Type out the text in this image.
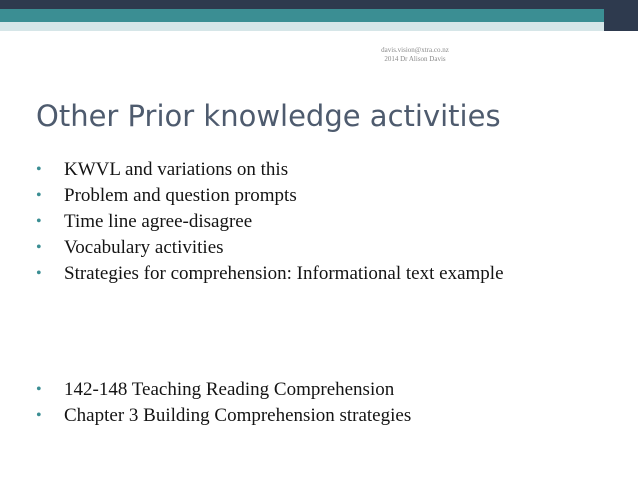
davis.vision@xtra.co.nz
2014 Dr Alison Davis
Other Prior knowledge activities
•	KWVL and variations on this
•	Problem and question prompts
•	Time line agree-disagree
•	Vocabulary activities
•	Strategies for comprehension: Informational text example
•	142-148 Teaching Reading Comprehension
•	Chapter 3 Building Comprehension strategies
